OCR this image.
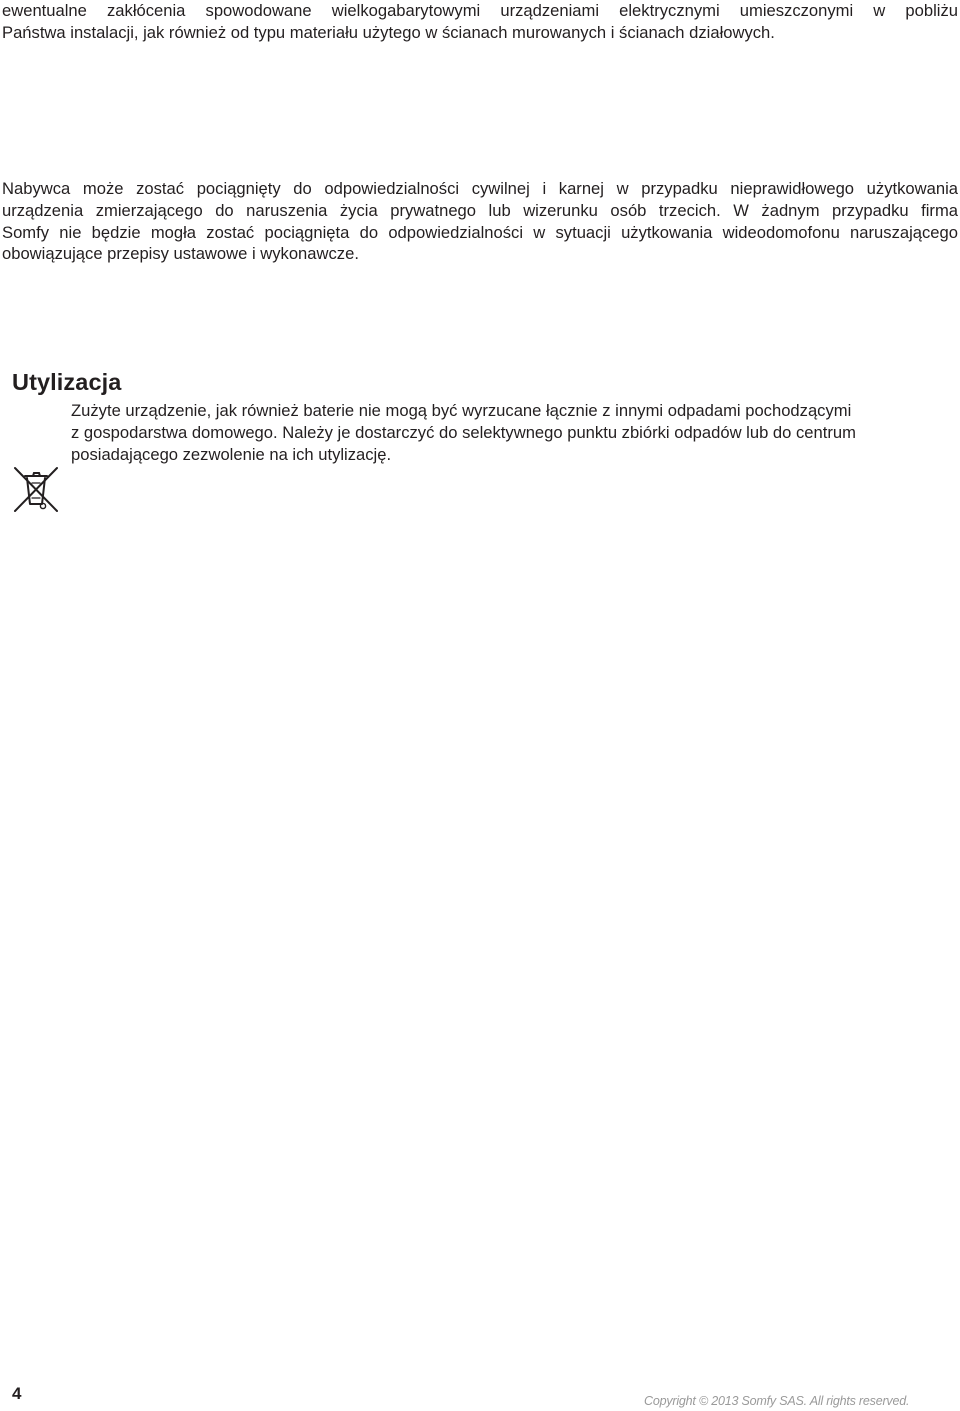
ewentualne zakłócenia spowodowane wielkogabarytowymi urządzeniami elektrycznymi umieszczonymi w pobliżu
Państwa instalacji, jak również od typu materiału użytego w ścianach murowanych i ścianach działowych.
Nabywca może zostać pociągnięty do odpowiedzialności cywilnej i karnej w przypadku nieprawidłowego użytkowania
urządzenia zmierzającego do naruszenia życia prywatnego lub wizerunku osób trzecich. W żadnym przypadku firma
Somfy nie będzie mogła zostać pociągnięta do odpowiedzialności w sytuacji użytkowania wideodomofonu naruszającego
obowiązujące przepisy ustawowe i wykonawcze.
Utylizacja
Zużyte urządzenie, jak również baterie nie mogą być wyrzucane łącznie z innymi odpadami pochodzącymi
z gospodarstwa domowego. Należy je dostarczyć do selektywnego punktu zbiórki odpadów lub do centrum
posiadającego zezwolenie na ich utylizację.
4	Copyright © 2013 Somfy SAS. All rights reserved.
